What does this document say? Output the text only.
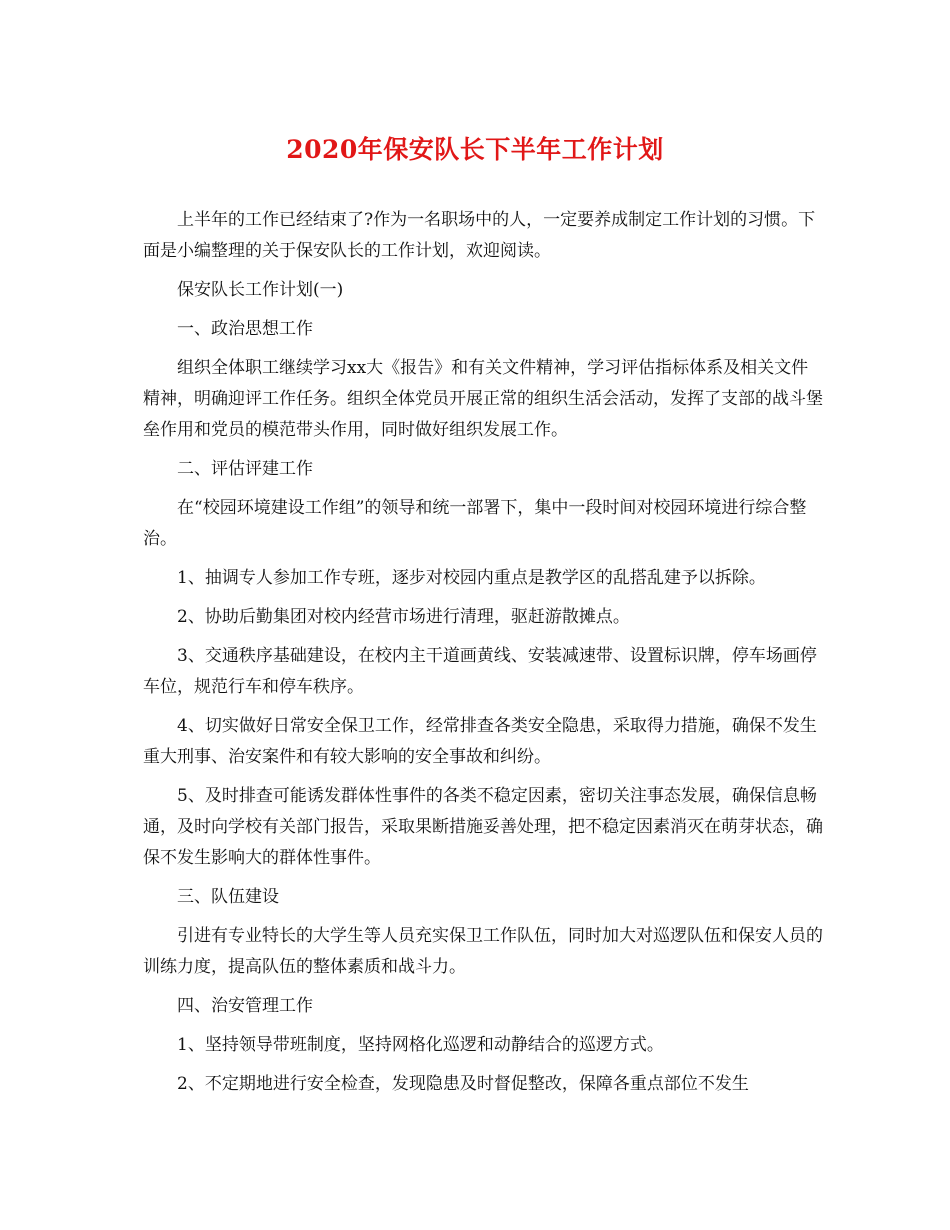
2020年保安队长下半年工作计划

上半年的工作已经结束了?作为一名职场中的人，一定要养成制定工作计划的习惯。下面是小编整理的关于保安队长的工作计划，欢迎阅读。

保安队长工作计划(一)

一、政治思想工作

组织全体职工继续学习xx大《报告》和有关文件精神，学习评估指标体系及相关文件精神，明确迎评工作任务。组织全体党员开展正常的组织生活会活动，发挥了支部的战斗堡垒作用和党员的模范带头作用，同时做好组织发展工作。

二、评估评建工作

在“校园环境建设工作组”的领导和统一部署下，集中一段时间对校园环境进行综合整治。

1、抽调专人参加工作专班，逐步对校园内重点是教学区的乱搭乱建予以拆除。

2、协助后勤集团对校内经营市场进行清理，驱赶游散摊点。

3、交通秩序基础建设，在校内主干道画黄线、安装减速带、设置标识牌，停车场画停车位，规范行车和停车秩序。

4、切实做好日常安全保卫工作，经常排查各类安全隐患，采取得力措施，确保不发生重大刑事、治安案件和有较大影响的安全事故和纠纷。

5、及时排查可能诱发群体性事件的各类不稳定因素，密切关注事态发展，确保信息畅通，及时向学校有关部门报告，采取果断措施妥善处理，把不稳定因素消灭在萌芽状态，确保不发生影响大的群体性事件。

三、队伍建设

引进有专业特长的大学生等人员充实保卫工作队伍，同时加大对巡逻队伍和保安人员的训练力度，提高队伍的整体素质和战斗力。

四、治安管理工作

1、坚持领导带班制度，坚持网格化巡逻和动静结合的巡逻方式。

2、不定期地进行安全检查，发现隐患及时督促整改，保障各重点部位不发生
